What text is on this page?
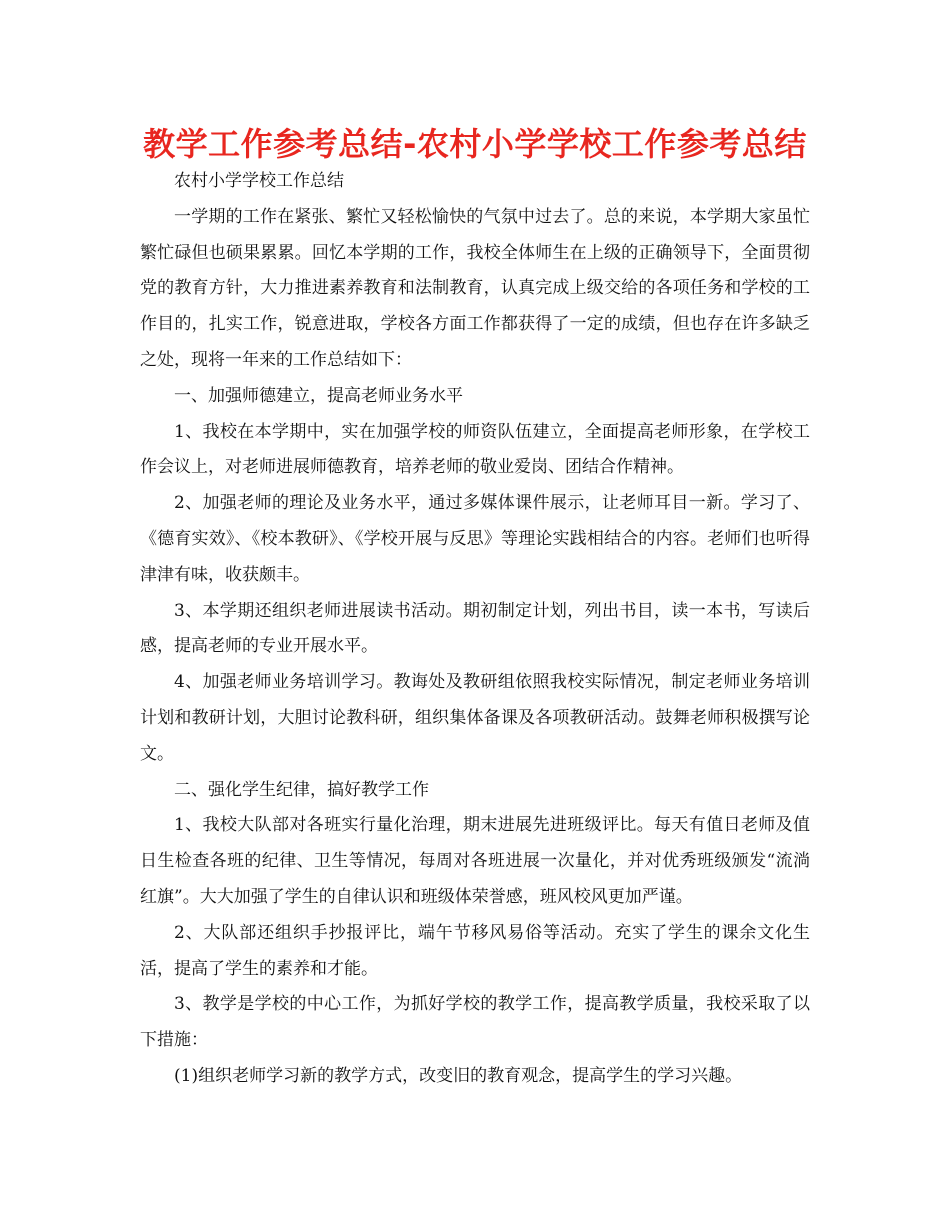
教学工作参考总结-农村小学学校工作参考总结

农村小学学校工作总结

一学期的工作在紧张、繁忙又轻松愉快的气氛中过去了。总的来说，本学期大家虽忙繁忙碌但也硕果累累。回忆本学期的工作，我校全体师生在上级的正确领导下，全面贯彻党的教育方针，大力推进素养教育和法制教育，认真完成上级交给的各项任务和学校的工作目的，扎实工作，锐意进取，学校各方面工作都获得了一定的成绩，但也存在许多缺乏之处，现将一年来的工作总结如下：

一、加强师德建立，提高老师业务水平

1、我校在本学期中，实在加强学校的师资队伍建立，全面提高老师形象，在学校工作会议上，对老师进展师德教育，培养老师的敬业爱岗、团结合作精神。

2、加强老师的理论及业务水平，通过多媒体课件展示，让老师耳目一新。学习了、《德育实效》、《校本教研》、《学校开展与反思》等理论实践相结合的内容。老师们也听得津津有味，收获颇丰。

3、本学期还组织老师进展读书活动。期初制定计划，列出书目，读一本书，写读后感，提高老师的专业开展水平。

4、加强老师业务培训学习。教诲处及教研组依照我校实际情况，制定老师业务培训计划和教研计划，大胆讨论教科研，组织集体备课及各项教研活动。鼓舞老师积极撰写论文。

二、强化学生纪律，搞好教学工作

1、我校大队部对各班实行量化治理，期末进展先进班级评比。每天有值日老师及值日生检查各班的纪律、卫生等情况，每周对各班进展一次量化，并对优秀班级颁发“流淌红旗”。大大加强了学生的自律认识和班级体荣誉感，班风校风更加严谨。

2、大队部还组织手抄报评比，端午节移风易俗等活动。充实了学生的课余文化生活，提高了学生的素养和才能。

3、教学是学校的中心工作，为抓好学校的教学工作，提高教学质量，我校采取了以下措施：

(1)组织老师学习新的教学方式，改变旧的教育观念，提高学生的学习兴趣。
